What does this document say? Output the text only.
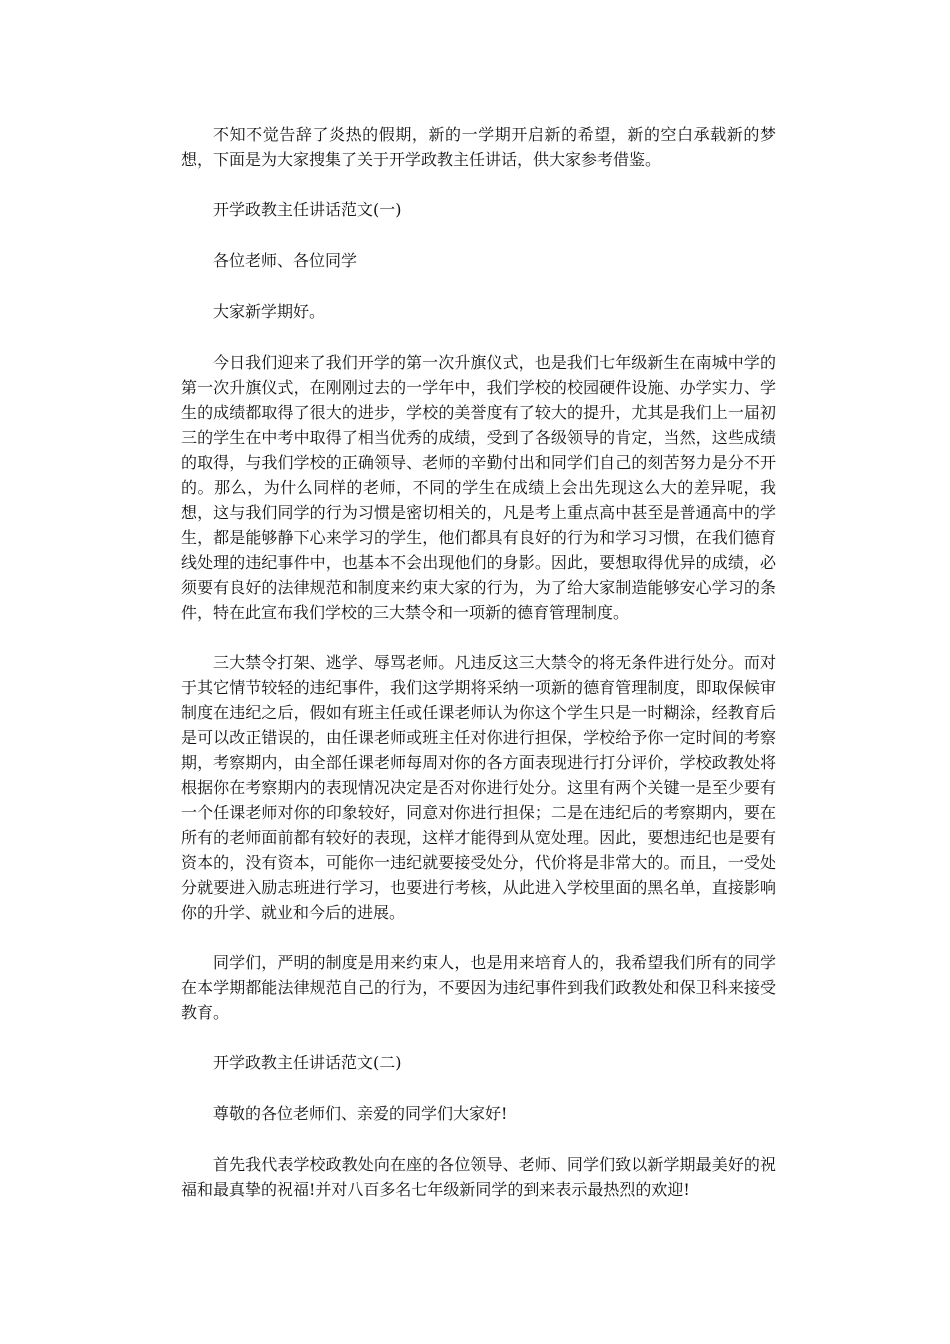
不知不觉告辞了炎热的假期，新的一学期开启新的希望，新的空白承载新的梦想，下面是为大家搜集了关于开学政教主任讲话，供大家参考借鉴。

开学政教主任讲话范文(一)

各位老师、各位同学

大家新学期好。

今日我们迎来了我们开学的第一次升旗仪式，也是我们七年级新生在南城中学的第一次升旗仪式，在刚刚过去的一学年中，我们学校的校园硬件设施、办学实力、学生的成绩都取得了很大的进步，学校的美誉度有了较大的提升，尤其是我们上一届初三的学生在中考中取得了相当优秀的成绩，受到了各级领导的肯定，当然，这些成绩的取得，与我们学校的正确领导、老师的辛勤付出和同学们自己的刻苦努力是分不开的。那么，为什么同样的老师，不同的学生在成绩上会出先现这么大的差异呢，我想，这与我们同学的行为习惯是密切相关的，凡是考上重点高中甚至是普通高中的学生，都是能够静下心来学习的学生，他们都具有良好的行为和学习习惯，在我们德育线处理的违纪事件中，也基本不会出现他们的身影。因此，要想取得优异的成绩，必须要有良好的法律规范和制度来约束大家的行为，为了给大家制造能够安心学习的条件，特在此宣布我们学校的三大禁令和一项新的德育管理制度。

三大禁令打架、逃学、辱骂老师。凡违反这三大禁令的将无条件进行处分。而对于其它情节较轻的违纪事件，我们这学期将采纳一项新的德育管理制度，即取保候审制度在违纪之后，假如有班主任或任课老师认为你这个学生只是一时糊涂，经教育后是可以改正错误的，由任课老师或班主任对你进行担保，学校给予你一定时间的考察期，考察期内，由全部任课老师每周对你的各方面表现进行打分评价，学校政教处将根据你在考察期内的表现情况决定是否对你进行处分。这里有两个关键一是至少要有一个任课老师对你的印象较好，同意对你进行担保；二是在违纪后的考察期内，要在所有的老师面前都有较好的表现，这样才能得到从宽处理。因此，要想违纪也是要有资本的，没有资本，可能你一违纪就要接受处分，代价将是非常大的。而且，一受处分就要进入励志班进行学习，也要进行考核，从此进入学校里面的黑名单，直接影响你的升学、就业和今后的进展。

同学们，严明的制度是用来约束人，也是用来培育人的，我希望我们所有的同学在本学期都能法律规范自己的行为，不要因为违纪事件到我们政教处和保卫科来接受教育。

开学政教主任讲话范文(二)

尊敬的各位老师们、亲爱的同学们大家好!

首先我代表学校政教处向在座的各位领导、老师、同学们致以新学期最美好的祝福和最真挚的祝福!并对八百多名七年级新同学的到来表示最热烈的欢迎!
